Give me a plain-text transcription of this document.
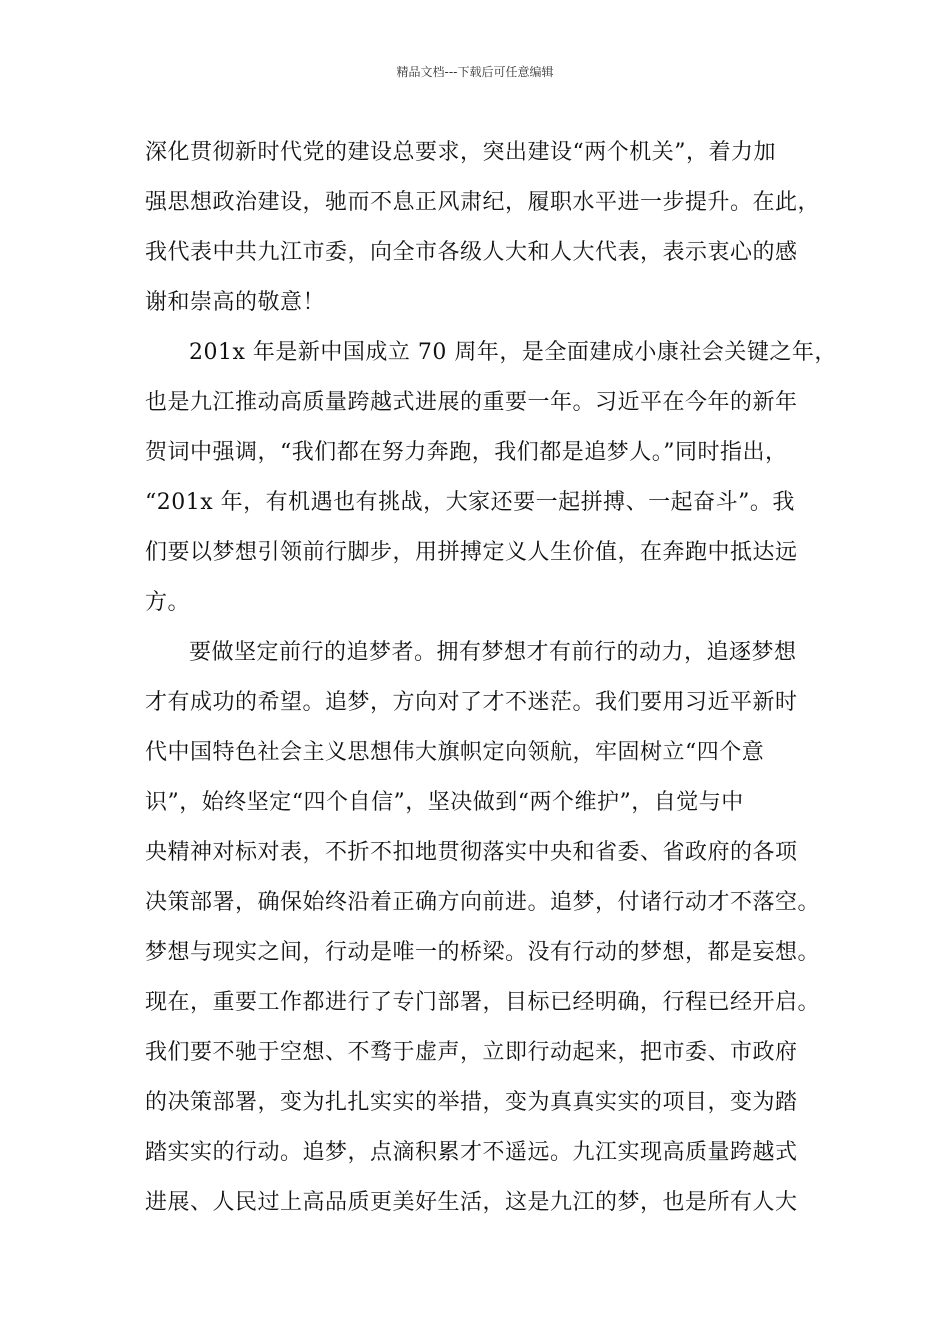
精品文档---下载后可任意编辑
深化贯彻新时代党的建设总要求，突出建设“两个机关”，着力加
强思想政治建设，驰而不息正风肃纪，履职水平进一步提升。在此，
我代表中共九江市委，向全市各级人大和人大代表，表示衷心的感
谢和崇高的敬意！
201x 年是新中国成立 70 周年，是全面建成小康社会关键之年，
也是九江推动高质量跨越式进展的重要一年。习近平在今年的新年
贺词中强调，“我们都在努力奔跑，我们都是追梦人。”同时指出，
“201x 年，有机遇也有挑战，大家还要一起拼搏、一起奋斗”。我
们要以梦想引领前行脚步，用拼搏定义人生价值，在奔跑中抵达远
方。
要做坚定前行的追梦者。拥有梦想才有前行的动力，追逐梦想
才有成功的希望。追梦，方向对了才不迷茫。我们要用习近平新时
代中国特色社会主义思想伟大旗帜定向领航，牢固树立“四个意
识”，始终坚定“四个自信”，坚决做到“两个维护”，自觉与中
央精神对标对表，不折不扣地贯彻落实中央和省委、省政府的各项
决策部署，确保始终沿着正确方向前进。追梦，付诸行动才不落空。
梦想与现实之间，行动是唯一的桥梁。没有行动的梦想，都是妄想。
现在，重要工作都进行了专门部署，目标已经明确，行程已经开启。
我们要不驰于空想、不骛于虚声，立即行动起来，把市委、市政府
的决策部署，变为扎扎实实的举措，变为真真实实的项目，变为踏
踏实实的行动。追梦，点滴积累才不遥远。九江实现高质量跨越式
进展、人民过上高品质更美好生活，这是九江的梦，也是所有人大
